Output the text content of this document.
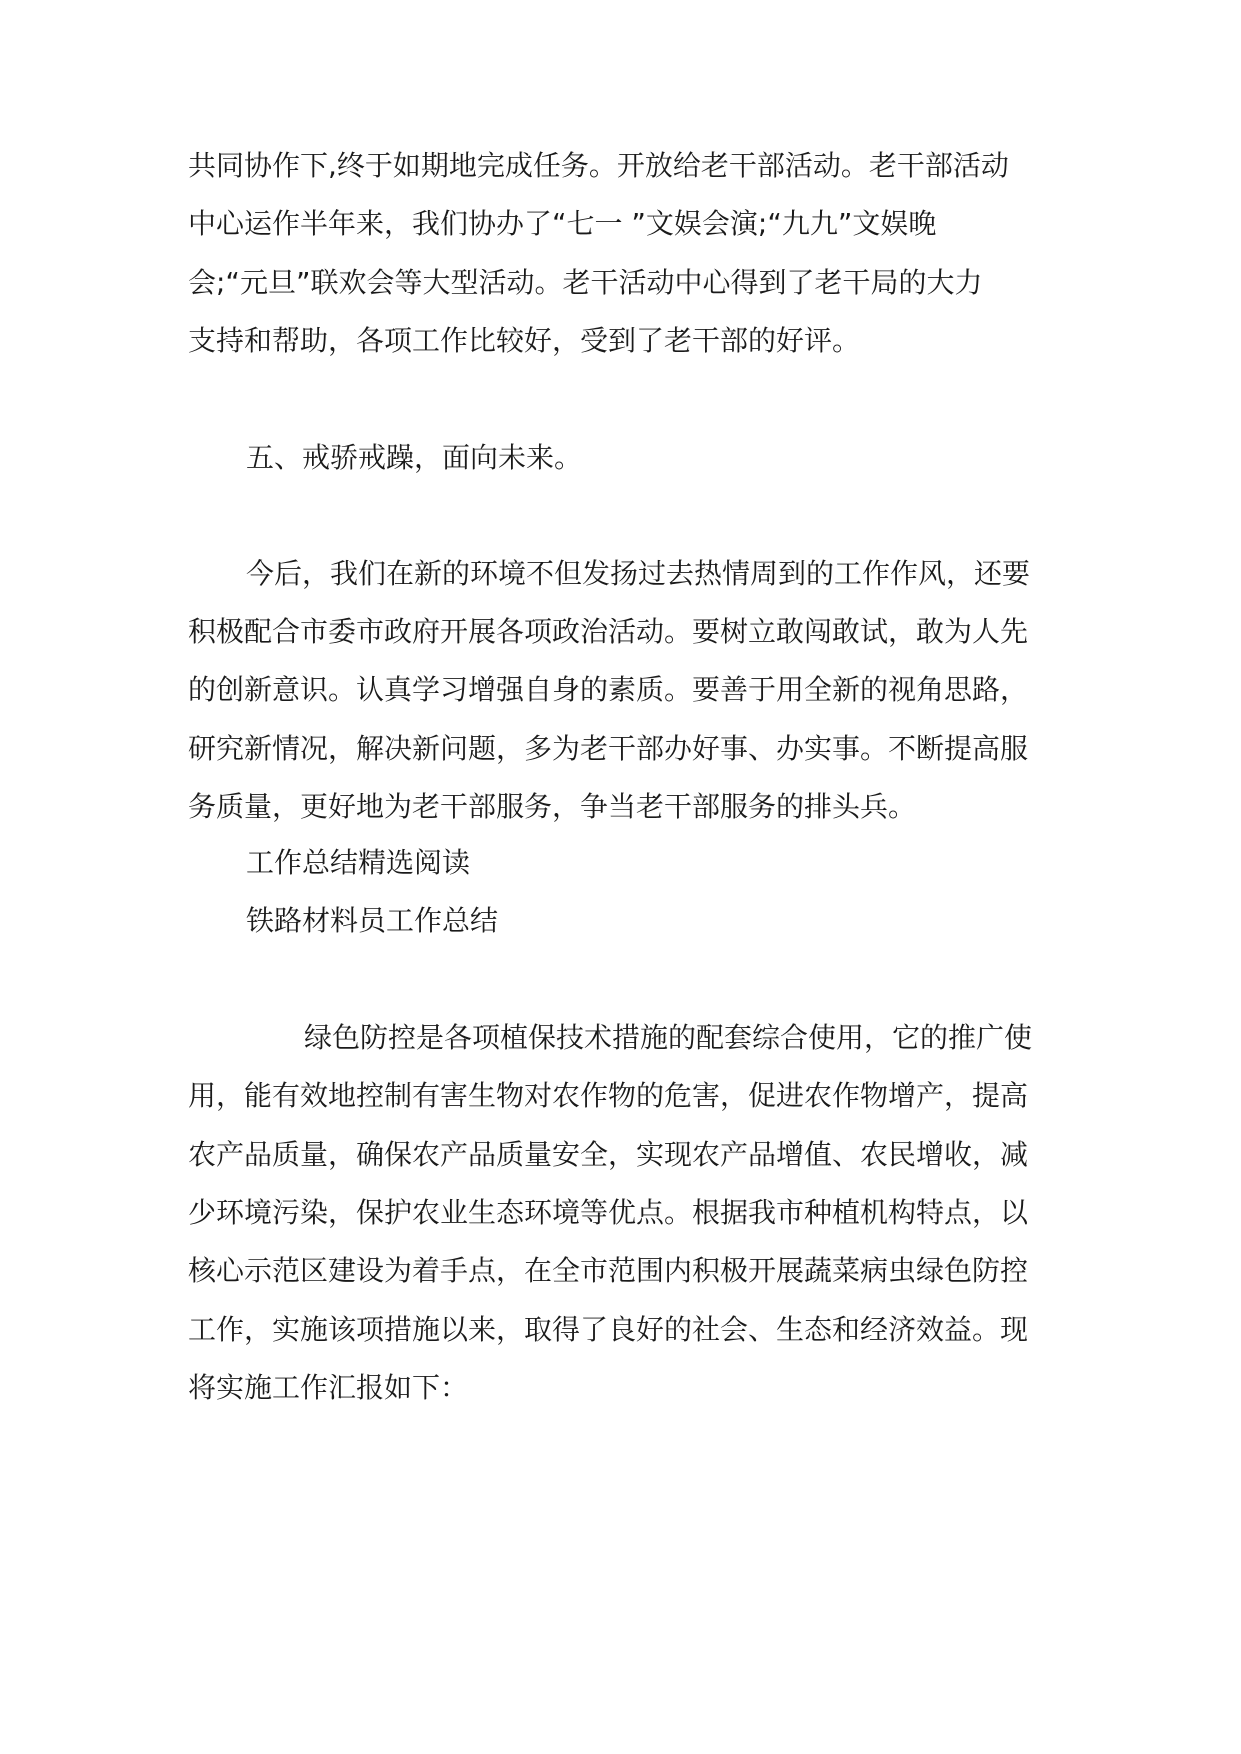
共同协作下,终于如期地完成任务。开放给老干部活动。老干部活动
中心运作半年来，我们协办了“七一 ”文娱会演;“九九”文娱晚
会;“元旦”联欢会等大型活动。老干活动中心得到了老干局的大力
支持和帮助，各项工作比较好，受到了老干部的好评。
五、戒骄戒躁，面向未来。
今后，我们在新的环境不但发扬过去热情周到的工作作风，还要
积极配合市委市政府开展各项政治活动。要树立敢闯敢试，敢为人先
的创新意识。认真学习增强自身的素质。要善于用全新的视角思路，
研究新情况，解决新问题，多为老干部办好事、办实事。不断提高服
务质量，更好地为老干部服务，争当老干部服务的排头兵。
工作总结精选阅读
铁路材料员工作总结
绿色防控是各项植保技术措施的配套综合使用，它的推广使
用，能有效地控制有害生物对农作物的危害，促进农作物增产，提高
农产品质量，确保农产品质量安全，实现农产品增值、农民增收，减
少环境污染，保护农业生态环境等优点。根据我市种植机构特点，以
核心示范区建设为着手点，在全市范围内积极开展蔬菜病虫绿色防控
工作，实施该项措施以来，取得了良好的社会、生态和经济效益。现
将实施工作汇报如下：
